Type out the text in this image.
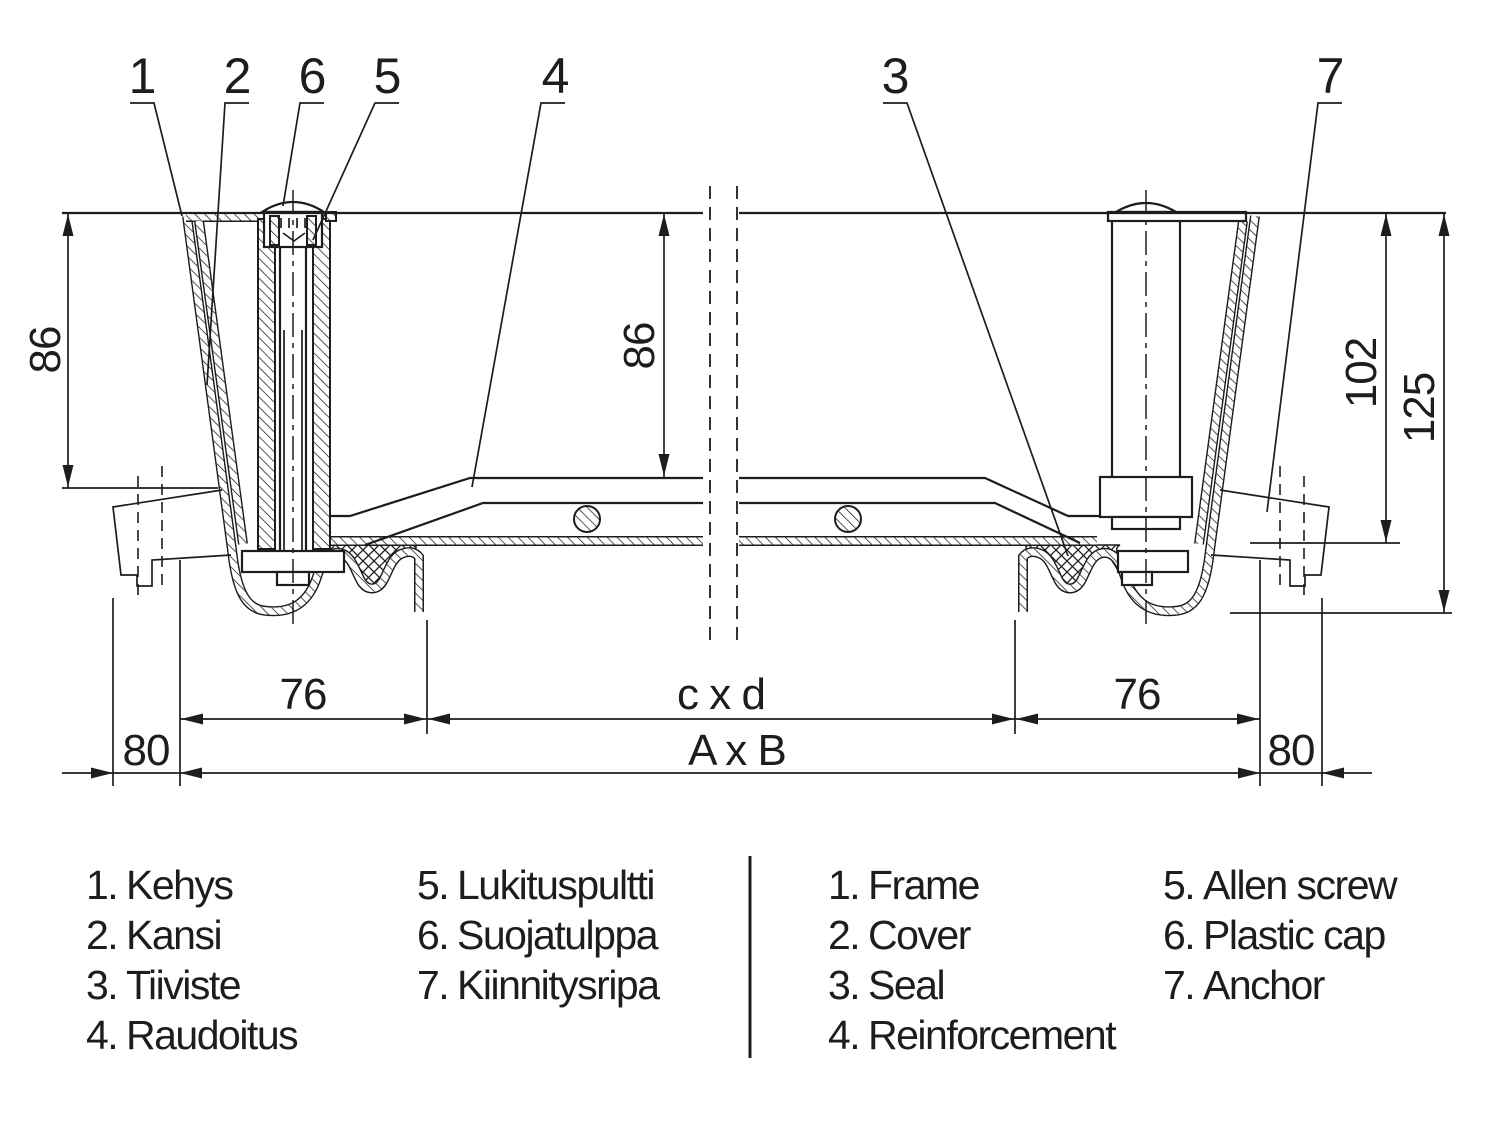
1 2 6 5	4	3	7
86	86	102 125
76	c x d	76
80	A x B	80
1. Kehys
2. Kansi
3. Tiiviste
4. Raudoitus
5. Lukituspultti
6. Suojatulppa
7. Kiinnitysripa
1. Frame
2. Cover
3. Seal
4. Reinforcement
5. Allen screw
6. Plastic cap
7. Anchor
